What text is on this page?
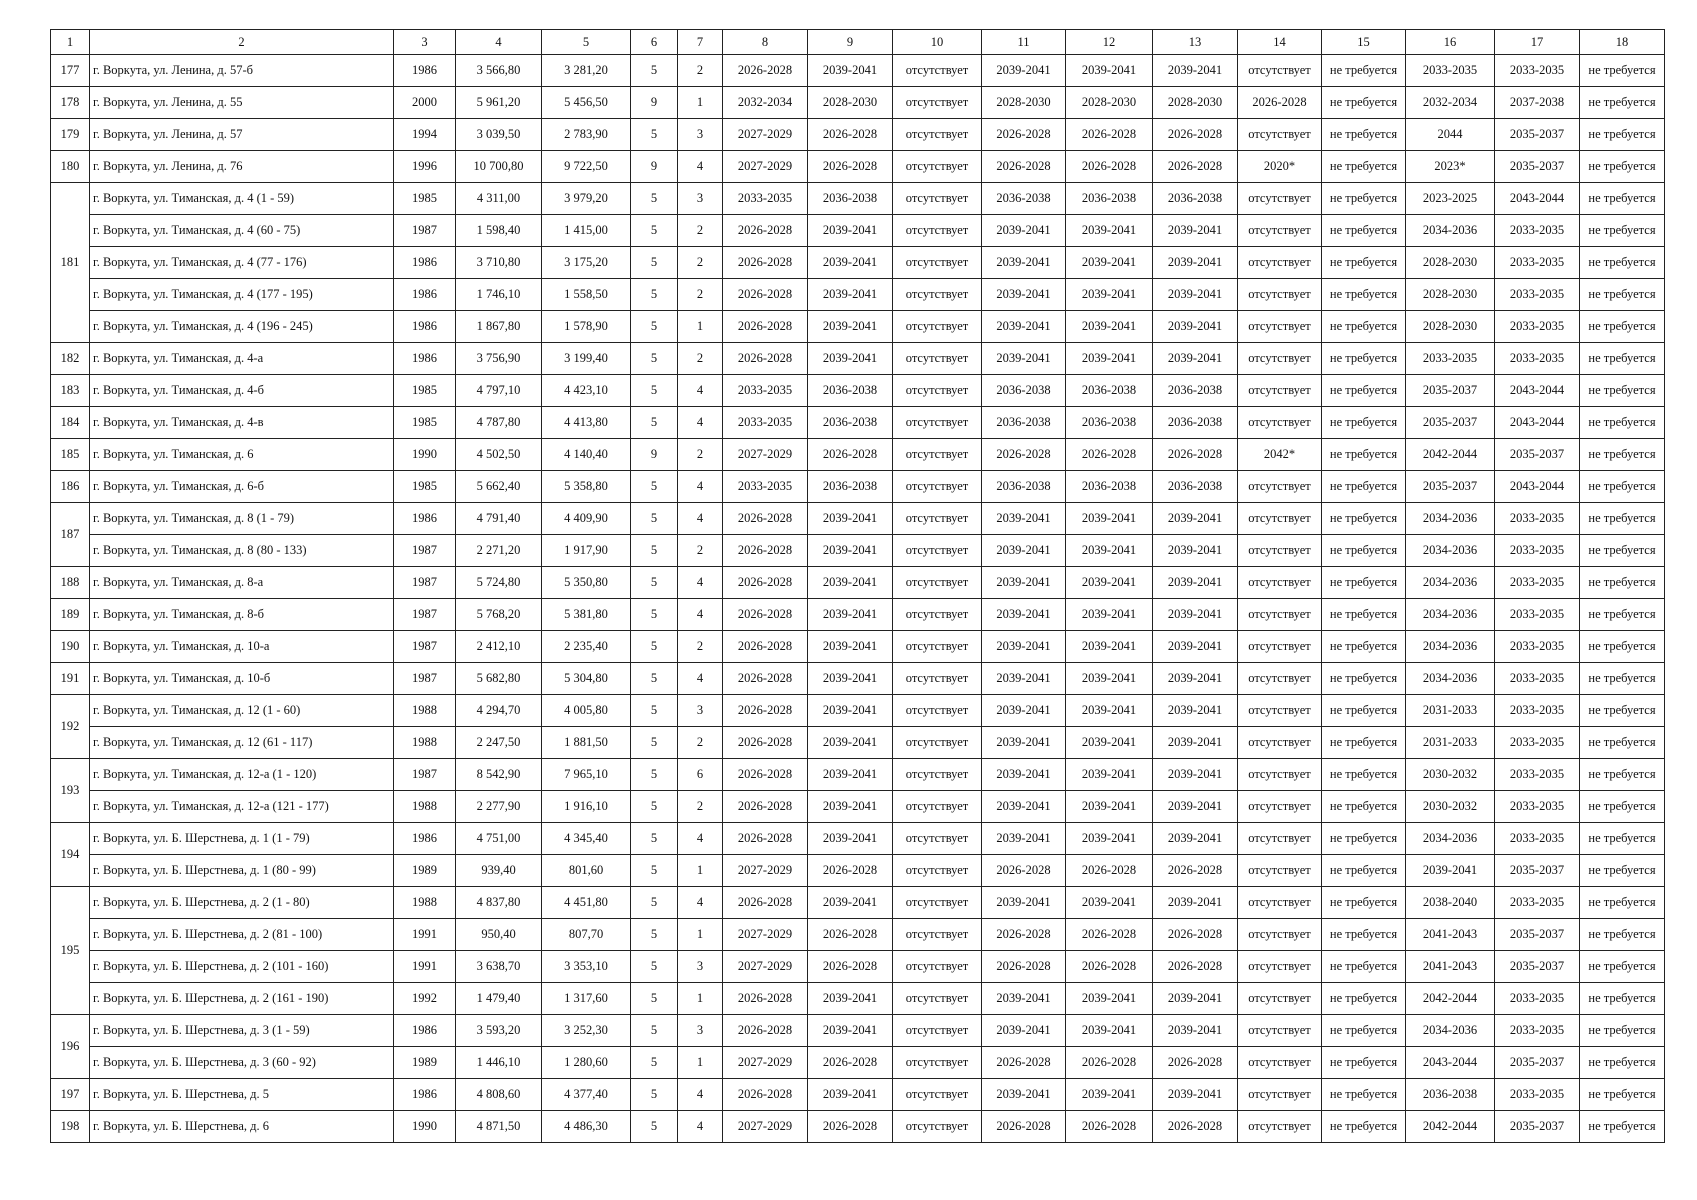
1	2	3	4	5	6	7	8	9	10	11	12	13	14	15	16	17	18
177	г. Воркута, ул. Ленина, д. 57-б	1986	3 566,80	3 281,20	5	2	2026-2028	2039-2041	отсутствует	2039-2041	2039-2041	2039-2041	отсутствует	не требуется	2033-2035	2033-2035	не требуется
178	г. Воркута, ул. Ленина, д. 55	2000	5 961,20	5 456,50	9	1	2032-2034	2028-2030	отсутствует	2028-2030	2028-2030	2028-2030	2026-2028	не требуется	2032-2034	2037-2038	не требуется
179	г. Воркута, ул. Ленина, д. 57	1994	3 039,50	2 783,90	5	3	2027-2029	2026-2028	отсутствует	2026-2028	2026-2028	2026-2028	отсутствует	не требуется	2044	2035-2037	не требуется
180	г. Воркута, ул. Ленина, д. 76	1996	10 700,80	9 722,50	9	4	2027-2029	2026-2028	отсутствует	2026-2028	2026-2028	2026-2028	2020*	не требуется	2023*	2035-2037	не требуется
181	г. Воркута, ул. Тиманская, д. 4 (1 - 59)	1985	4 311,00	3 979,20	5	3	2033-2035	2036-2038	отсутствует	2036-2038	2036-2038	2036-2038	отсутствует	не требуется	2023-2025	2043-2044	не требуется
	г. Воркута, ул. Тиманская, д. 4 (60 - 75)	1987	1 598,40	1 415,00	5	2	2026-2028	2039-2041	отсутствует	2039-2041	2039-2041	2039-2041	отсутствует	не требуется	2034-2036	2033-2035	не требуется
	г. Воркута, ул. Тиманская, д. 4 (77 - 176)	1986	3 710,80	3 175,20	5	2	2026-2028	2039-2041	отсутствует	2039-2041	2039-2041	2039-2041	отсутствует	не требуется	2028-2030	2033-2035	не требуется
	г. Воркута, ул. Тиманская, д. 4 (177 - 195)	1986	1 746,10	1 558,50	5	2	2026-2028	2039-2041	отсутствует	2039-2041	2039-2041	2039-2041	отсутствует	не требуется	2028-2030	2033-2035	не требуется
	г. Воркута, ул. Тиманская, д. 4 (196 - 245)	1986	1 867,80	1 578,90	5	1	2026-2028	2039-2041	отсутствует	2039-2041	2039-2041	2039-2041	отсутствует	не требуется	2028-2030	2033-2035	не требуется
182	г. Воркута, ул. Тиманская, д. 4-а	1986	3 756,90	3 199,40	5	2	2026-2028	2039-2041	отсутствует	2039-2041	2039-2041	2039-2041	отсутствует	не требуется	2033-2035	2033-2035	не требуется
183	г. Воркута, ул. Тиманская, д. 4-б	1985	4 797,10	4 423,10	5	4	2033-2035	2036-2038	отсутствует	2036-2038	2036-2038	2036-2038	отсутствует	не требуется	2035-2037	2043-2044	не требуется
184	г. Воркута, ул. Тиманская, д. 4-в	1985	4 787,80	4 413,80	5	4	2033-2035	2036-2038	отсутствует	2036-2038	2036-2038	2036-2038	отсутствует	не требуется	2035-2037	2043-2044	не требуется
185	г. Воркута, ул. Тиманская, д. 6	1990	4 502,50	4 140,40	9	2	2027-2029	2026-2028	отсутствует	2026-2028	2026-2028	2026-2028	2042*	не требуется	2042-2044	2035-2037	не требуется
186	г. Воркута, ул. Тиманская, д. 6-б	1985	5 662,40	5 358,80	5	4	2033-2035	2036-2038	отсутствует	2036-2038	2036-2038	2036-2038	отсутствует	не требуется	2035-2037	2043-2044	не требуется
187	г. Воркута, ул. Тиманская, д. 8 (1 - 79)	1986	4 791,40	4 409,90	5	4	2026-2028	2039-2041	отсутствует	2039-2041	2039-2041	2039-2041	отсутствует	не требуется	2034-2036	2033-2035	не требуется
	г. Воркута, ул. Тиманская, д. 8 (80 - 133)	1987	2 271,20	1 917,90	5	2	2026-2028	2039-2041	отсутствует	2039-2041	2039-2041	2039-2041	отсутствует	не требуется	2034-2036	2033-2035	не требуется
188	г. Воркута, ул. Тиманская, д. 8-а	1987	5 724,80	5 350,80	5	4	2026-2028	2039-2041	отсутствует	2039-2041	2039-2041	2039-2041	отсутствует	не требуется	2034-2036	2033-2035	не требуется
189	г. Воркута, ул. Тиманская, д. 8-б	1987	5 768,20	5 381,80	5	4	2026-2028	2039-2041	отсутствует	2039-2041	2039-2041	2039-2041	отсутствует	не требуется	2034-2036	2033-2035	не требуется
190	г. Воркута, ул. Тиманская, д. 10-а	1987	2 412,10	2 235,40	5	2	2026-2028	2039-2041	отсутствует	2039-2041	2039-2041	2039-2041	отсутствует	не требуется	2034-2036	2033-2035	не требуется
191	г. Воркута, ул. Тиманская, д. 10-б	1987	5 682,80	5 304,80	5	4	2026-2028	2039-2041	отсутствует	2039-2041	2039-2041	2039-2041	отсутствует	не требуется	2034-2036	2033-2035	не требуется
192	г. Воркута, ул. Тиманская, д. 12 (1 - 60)	1988	4 294,70	4 005,80	5	3	2026-2028	2039-2041	отсутствует	2039-2041	2039-2041	2039-2041	отсутствует	не требуется	2031-2033	2033-2035	не требуется
	г. Воркута, ул. Тиманская, д. 12 (61 - 117)	1988	2 247,50	1 881,50	5	2	2026-2028	2039-2041	отсутствует	2039-2041	2039-2041	2039-2041	отсутствует	не требуется	2031-2033	2033-2035	не требуется
193	г. Воркута, ул. Тиманская, д. 12-а (1 - 120)	1987	8 542,90	7 965,10	5	6	2026-2028	2039-2041	отсутствует	2039-2041	2039-2041	2039-2041	отсутствует	не требуется	2030-2032	2033-2035	не требуется
	г. Воркута, ул. Тиманская, д. 12-а (121 - 177)	1988	2 277,90	1 916,10	5	2	2026-2028	2039-2041	отсутствует	2039-2041	2039-2041	2039-2041	отсутствует	не требуется	2030-2032	2033-2035	не требуется
194	г. Воркута, ул. Б. Шерстнева, д. 1 (1 - 79)	1986	4 751,00	4 345,40	5	4	2026-2028	2039-2041	отсутствует	2039-2041	2039-2041	2039-2041	отсутствует	не требуется	2034-2036	2033-2035	не требуется
	г. Воркута, ул. Б. Шерстнева, д. 1 (80 - 99)	1989	939,40	801,60	5	1	2027-2029	2026-2028	отсутствует	2026-2028	2026-2028	2026-2028	отсутствует	не требуется	2039-2041	2035-2037	не требуется
195	г. Воркута, ул. Б. Шерстнева, д. 2 (1 - 80)	1988	4 837,80	4 451,80	5	4	2026-2028	2039-2041	отсутствует	2039-2041	2039-2041	2039-2041	отсутствует	не требуется	2038-2040	2033-2035	не требуется
	г. Воркута, ул. Б. Шерстнева, д. 2 (81 - 100)	1991	950,40	807,70	5	1	2027-2029	2026-2028	отсутствует	2026-2028	2026-2028	2026-2028	отсутствует	не требуется	2041-2043	2035-2037	не требуется
	г. Воркута, ул. Б. Шерстнева, д. 2 (101 - 160)	1991	3 638,70	3 353,10	5	3	2027-2029	2026-2028	отсутствует	2026-2028	2026-2028	2026-2028	отсутствует	не требуется	2041-2043	2035-2037	не требуется
	г. Воркута, ул. Б. Шерстнева, д. 2 (161 - 190)	1992	1 479,40	1 317,60	5	1	2026-2028	2039-2041	отсутствует	2039-2041	2039-2041	2039-2041	отсутствует	не требуется	2042-2044	2033-2035	не требуется
196	г. Воркута, ул. Б. Шерстнева, д. 3 (1 - 59)	1986	3 593,20	3 252,30	5	3	2026-2028	2039-2041	отсутствует	2039-2041	2039-2041	2039-2041	отсутствует	не требуется	2034-2036	2033-2035	не требуется
	г. Воркута, ул. Б. Шерстнева, д. 3 (60 - 92)	1989	1 446,10	1 280,60	5	1	2027-2029	2026-2028	отсутствует	2026-2028	2026-2028	2026-2028	отсутствует	не требуется	2043-2044	2035-2037	не требуется
197	г. Воркута, ул. Б. Шерстнева, д. 5	1986	4 808,60	4 377,40	5	4	2026-2028	2039-2041	отсутствует	2039-2041	2039-2041	2039-2041	отсутствует	не требуется	2036-2038	2033-2035	не требуется
198	г. Воркута, ул. Б. Шерстнева, д. 6	1990	4 871,50	4 486,30	5	4	2027-2029	2026-2028	отсутствует	2026-2028	2026-2028	2026-2028	отсутствует	не требуется	2042-2044	2035-2037	не требуется
